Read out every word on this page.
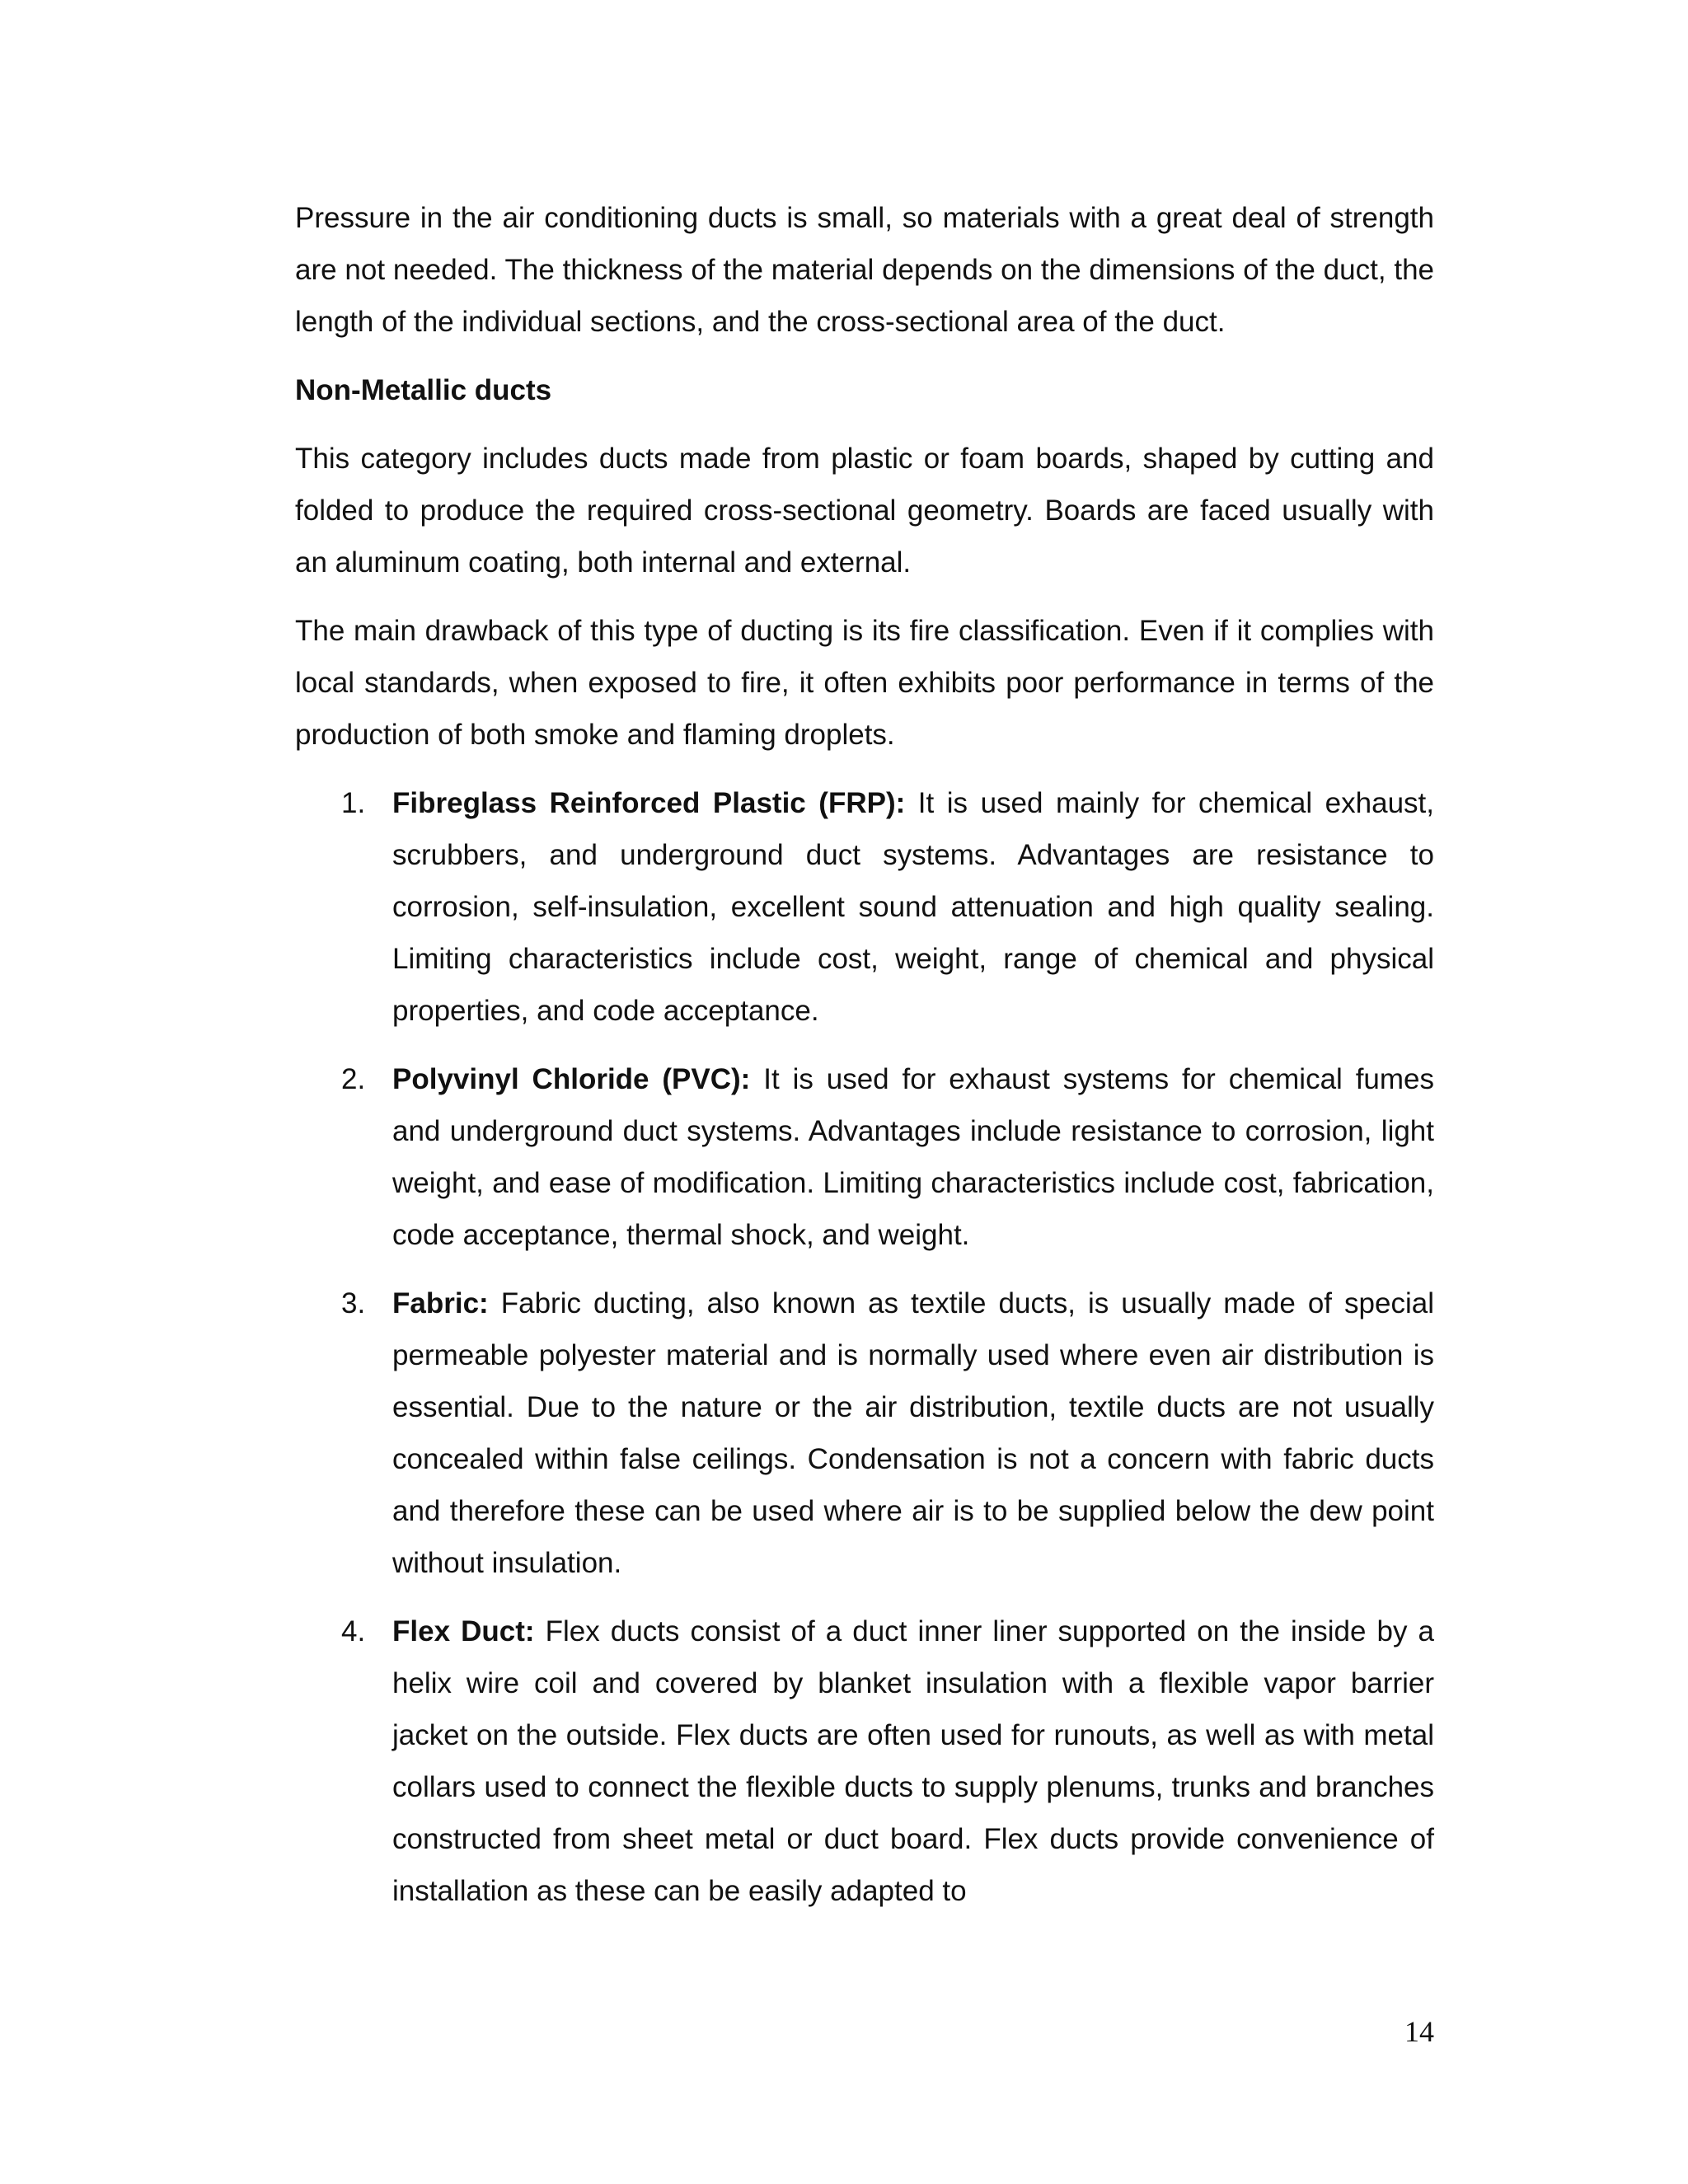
Pressure in the air conditioning ducts is small, so materials with a great deal of strength are not needed. The thickness of the material depends on the dimensions of the duct, the length of the individual sections, and the cross-sectional area of the duct.

Non-Metallic ducts

This category includes ducts made from plastic or foam boards, shaped by cutting and folded to produce the required cross-sectional geometry. Boards are faced usually with an aluminum coating, both internal and external.

The main drawback of this type of ducting is its fire classification. Even if it complies with local standards, when exposed to fire, it often exhibits poor performance in terms of the production of both smoke and flaming droplets.

1. Fibreglass Reinforced Plastic (FRP): It is used mainly for chemical exhaust, scrubbers, and underground duct systems. Advantages are resistance to corrosion, self-insulation, excellent sound attenuation and high quality sealing. Limiting characteristics include cost, weight, range of chemical and physical properties, and code acceptance.
2. Polyvinyl Chloride (PVC): It is used for exhaust systems for chemical fumes and underground duct systems. Advantages include resistance to corrosion, light weight, and ease of modification. Limiting characteristics include cost, fabrication, code acceptance, thermal shock, and weight.
3. Fabric: Fabric ducting, also known as textile ducts, is usually made of special permeable polyester material and is normally used where even air distribution is essential. Due to the nature or the air distribution, textile ducts are not usually concealed within false ceilings. Condensation is not a concern with fabric ducts and therefore these can be used where air is to be supplied below the dew point without insulation.
4. Flex Duct: Flex ducts consist of a duct inner liner supported on the inside by a helix wire coil and covered by blanket insulation with a flexible vapor barrier jacket on the outside. Flex ducts are often used for runouts, as well as with metal collars used to connect the flexible ducts to supply plenums, trunks and branches constructed from sheet metal or duct board. Flex ducts provide convenience of installation as these can be easily adapted to
14
